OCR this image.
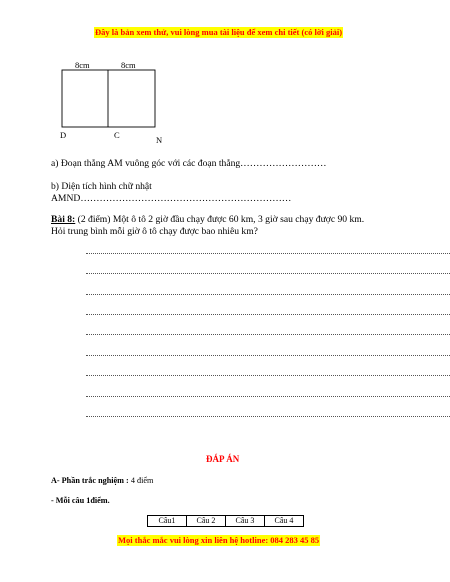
Đây là bản xem thử, vui lòng mua tài liệu để xem chi tiết (có lời giải)
8cm	8cm
D	C	N
a) Đoạn thẳng AM vuông góc với các đoạn thẳng………………………
b) Diện tích hình chữ nhật
AMND…………………………………………………………
Bài 8: (2 điểm) Một ô tô 2 giờ đầu chạy được 60 km, 3 giờ sau chạy được 90 km.
Hỏi trung bình mỗi giờ ô tô chạy được bao nhiêu km?
ĐÁP ÁN
A- Phần trắc nghiệm : 4 điểm
- Mỗi câu 1điểm.
Câu1	Câu 2	Câu 3	Câu 4
Mọi thắc mắc vui lòng xin liên hệ hotline: 084 283 45 85
